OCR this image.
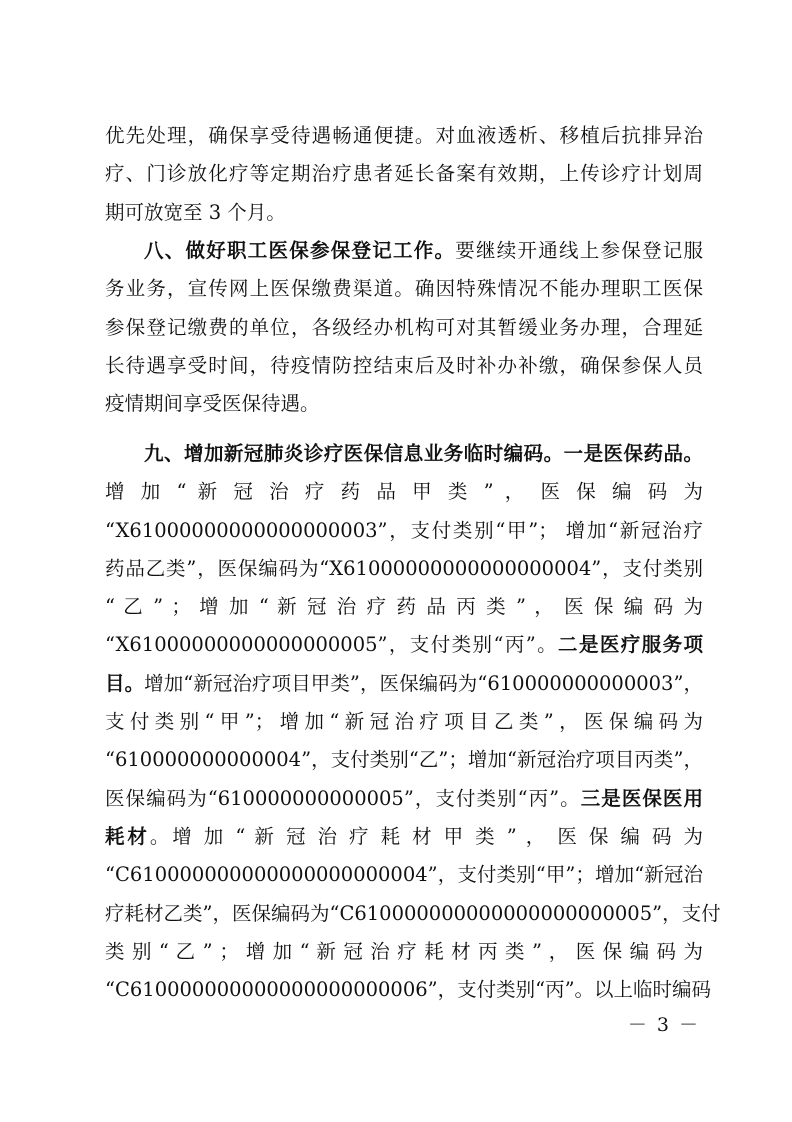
优先处理，确保享受待遇畅通便捷。对血液透析、移植后抗排异治
疗、门诊放化疗等定期治疗患者延长备案有效期，上传诊疗计划周
期可放宽至 3 个月。
八、做好职工医保参保登记工作。要继续开通线上参保登记服
务业务，宣传网上医保缴费渠道。确因特殊情况不能办理职工医保
参保登记缴费的单位，各级经办机构可对其暂缓业务办理，合理延
长待遇享受时间，待疫情防控结束后及时补办补缴，确保参保人员
疫情期间享受医保待遇。
九、增加新冠肺炎诊疗医保信息业务临时编码。一是医保药品。
增 加 “ 新 冠 治 疗 药 品 甲 类 ” ， 医 保 编 码 为
“X61000000000000000003”，支付类别“甲”； 增加“新冠治疗
药品乙类”，医保编码为“X61000000000000000004”，支付类别
“ 乙 ” ； 增 加 “ 新 冠 治 疗 药 品 丙 类 ” ， 医 保 编 码 为
“X61000000000000000005”，支付类别“丙”。二是医疗服务项
目。增加“新冠治疗项目甲类”，医保编码为“610000000000003”，
支付类别“甲”；增加“新冠治疗项目乙类”，医保编码为
“610000000000004”，支付类别“乙”；增加“新冠治疗项目丙类”，
医保编码为“610000000000005”，支付类别“丙”。三是医保医用
耗材。增 加 “ 新 冠 治 疗 耗 材 甲 类 ” ， 医 保 编 码 为
“C610000000000000000000004”，支付类别“甲”；增加“新冠治
疗耗材乙类”，医保编码为“C610000000000000000000005”，支付
类 别 “ 乙 ” ； 增 加 “ 新 冠 治 疗 耗 材 丙 类 ” ， 医 保 编 码 为
“C610000000000000000000006”，支付类别“丙”。以上临时编码
－ 3 －
